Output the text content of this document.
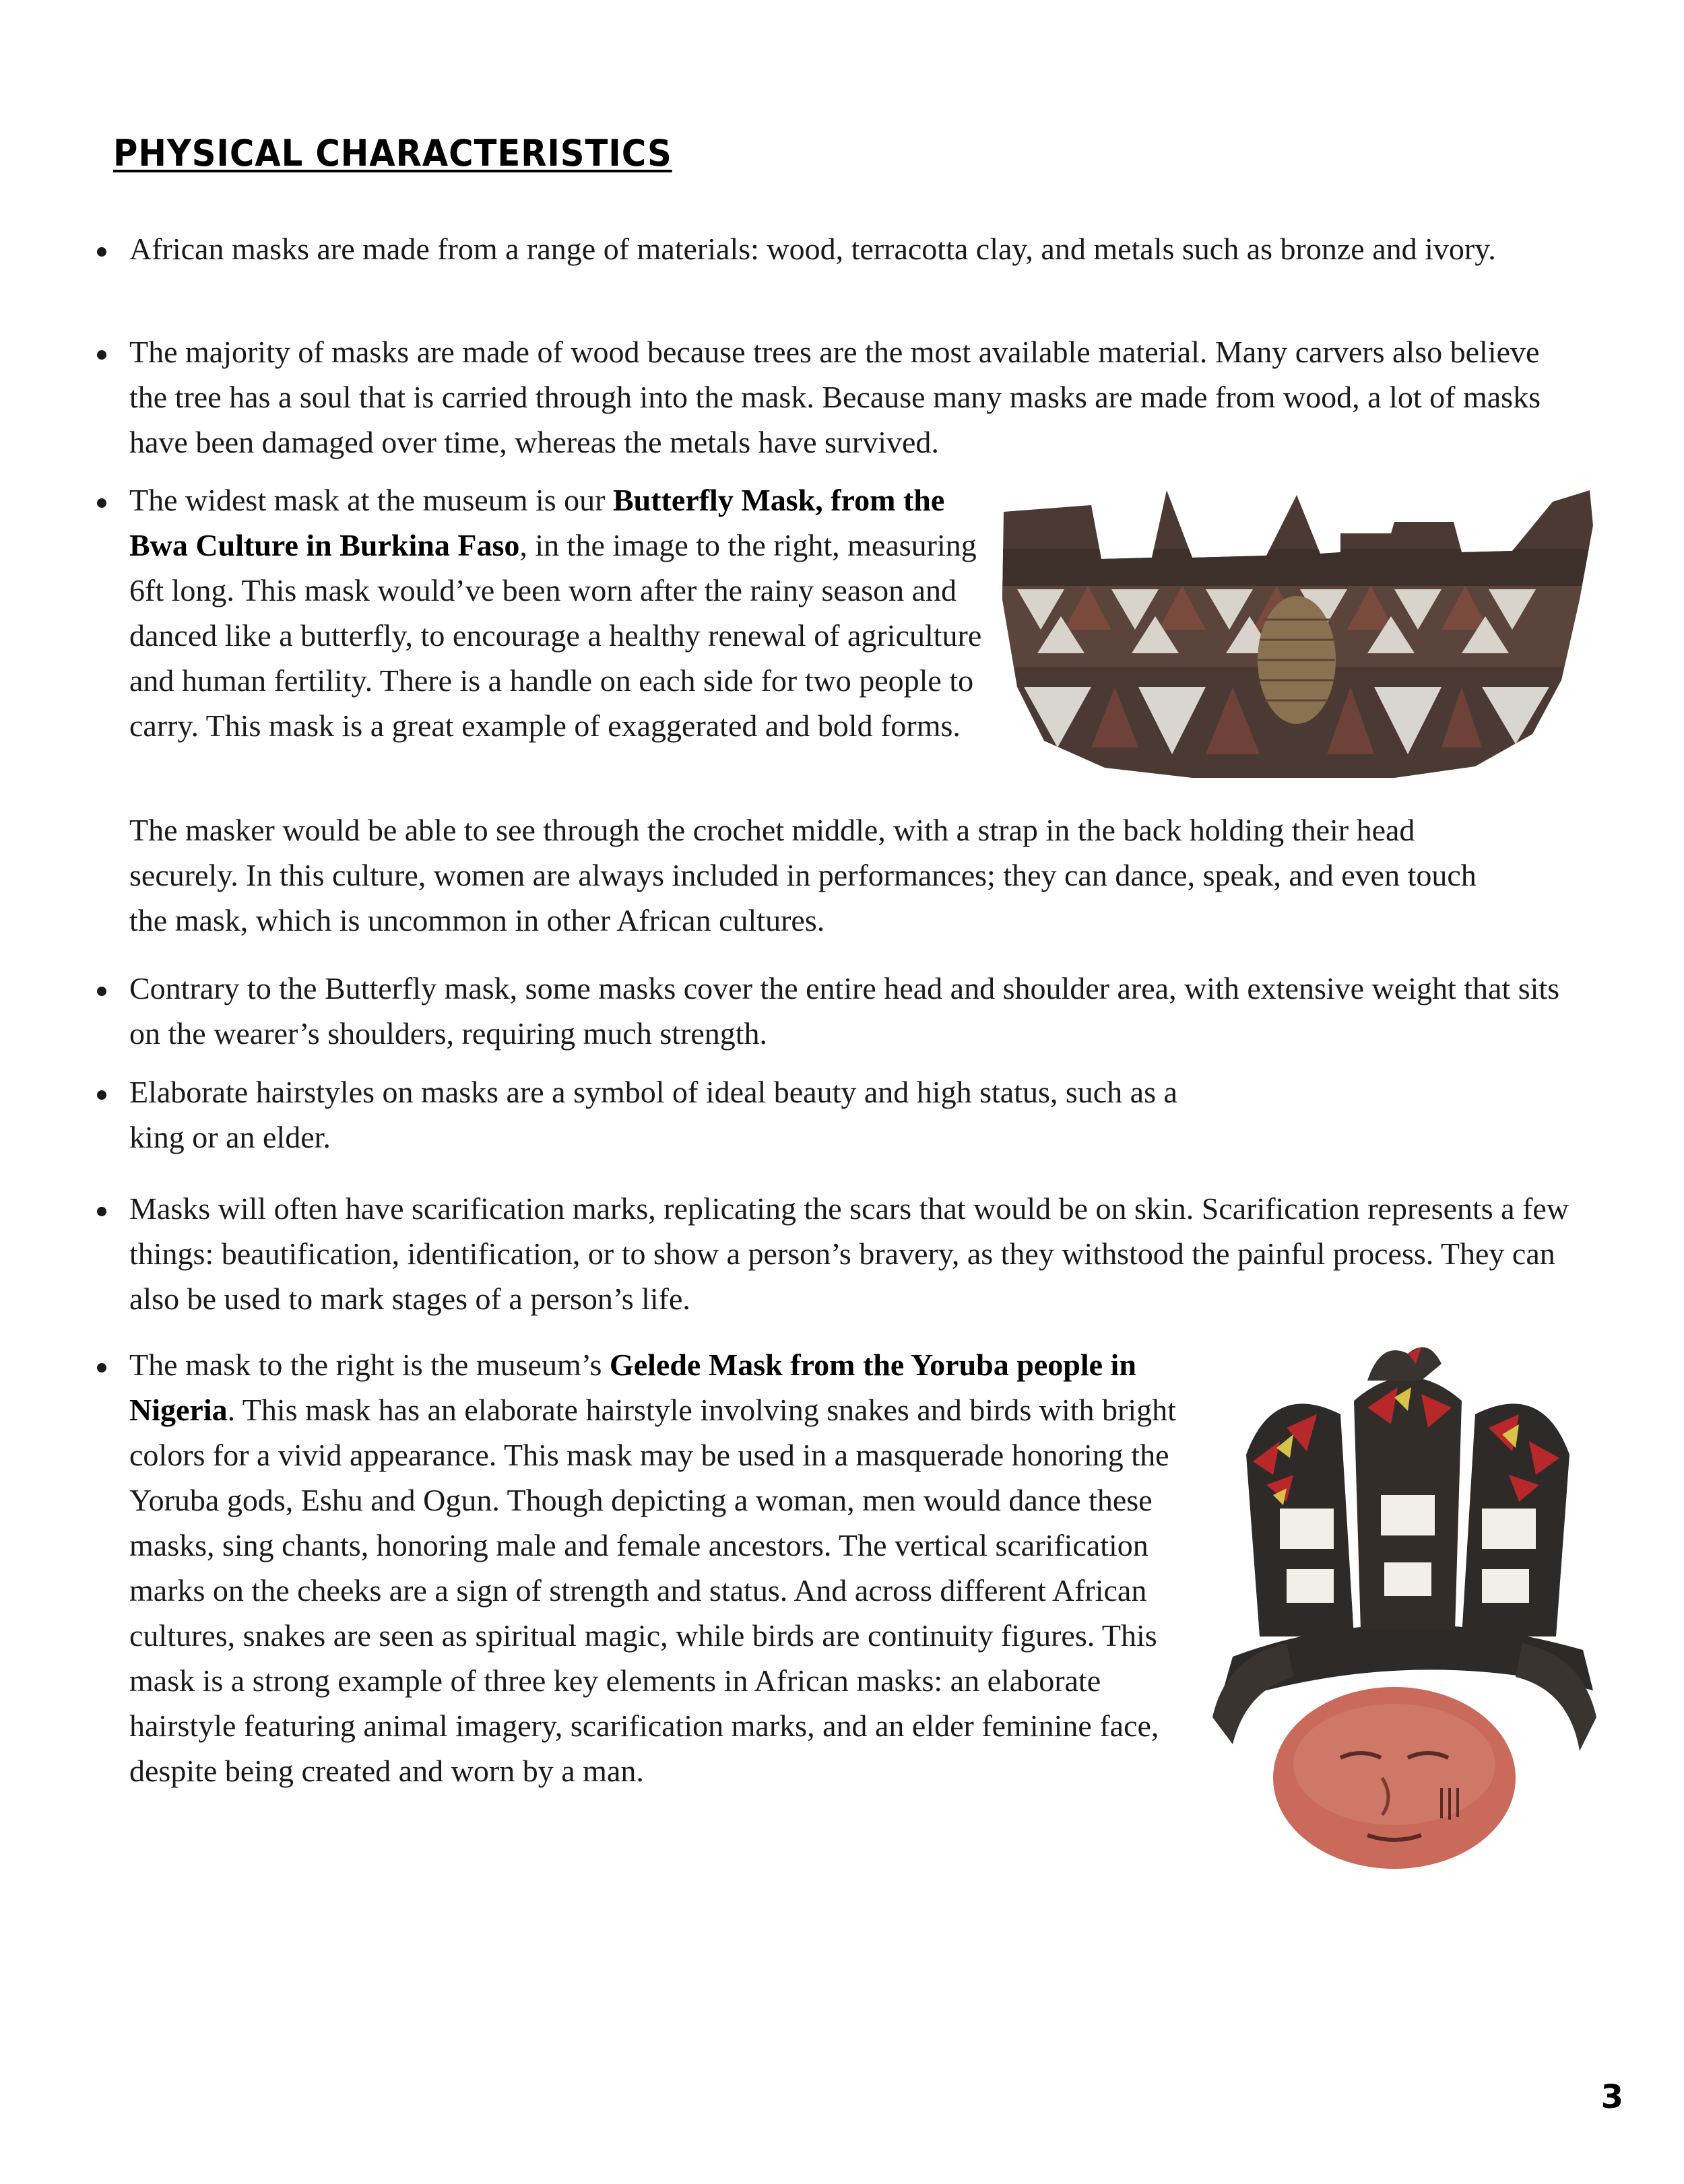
PHYSICAL CHARACTERISTICS

African masks are made from a range of materials: wood, terracotta clay, and metals such as bronze and ivory.

The majority of masks are made of wood because trees are the most available material. Many carvers also believe the tree has a soul that is carried through into the mask. Because many masks are made from wood, a lot of masks have been damaged over time, whereas the metals have survived.

The widest mask at the museum is our Butterfly Mask, from the Bwa Culture in Burkina Faso, in the image to the right, measuring 6ft long. This mask would’ve been worn after the rainy season and danced like a butterfly, to encourage a healthy renewal of agriculture and human fertility. There is a handle on each side for two people to carry. This mask is a great example of exaggerated and bold forms.

The masker would be able to see through the crochet middle, with a strap in the back holding their head securely. In this culture, women are always included in performances; they can dance, speak, and even touch the mask, which is uncommon in other African cultures.

Contrary to the Butterfly mask, some masks cover the entire head and shoulder area, with extensive weight that sits on the wearer’s shoulders, requiring much strength.

Elaborate hairstyles on masks are a symbol of ideal beauty and high status, such as a king or an elder.

Masks will often have scarification marks, replicating the scars that would be on skin. Scarification represents a few things: beautification, identification, or to show a person’s bravery, as they withstood the painful process. They can also be used to mark stages of a person’s life.

The mask to the right is the museum’s Gelede Mask from the Yoruba people in Nigeria. This mask has an elaborate hairstyle involving snakes and birds with bright colors for a vivid appearance. This mask may be used in a masquerade honoring the Yoruba gods, Eshu and Ogun. Though depicting a woman, men would dance these masks, sing chants, honoring male and female ancestors. The vertical scarification marks on the cheeks are a sign of strength and status. And across different African cultures, snakes are seen as spiritual magic, while birds are continuity figures. This mask is a strong example of three key elements in African masks: an elaborate hairstyle featuring animal imagery, scarification marks, and an elder feminine face, despite being created and worn by a man.

3
